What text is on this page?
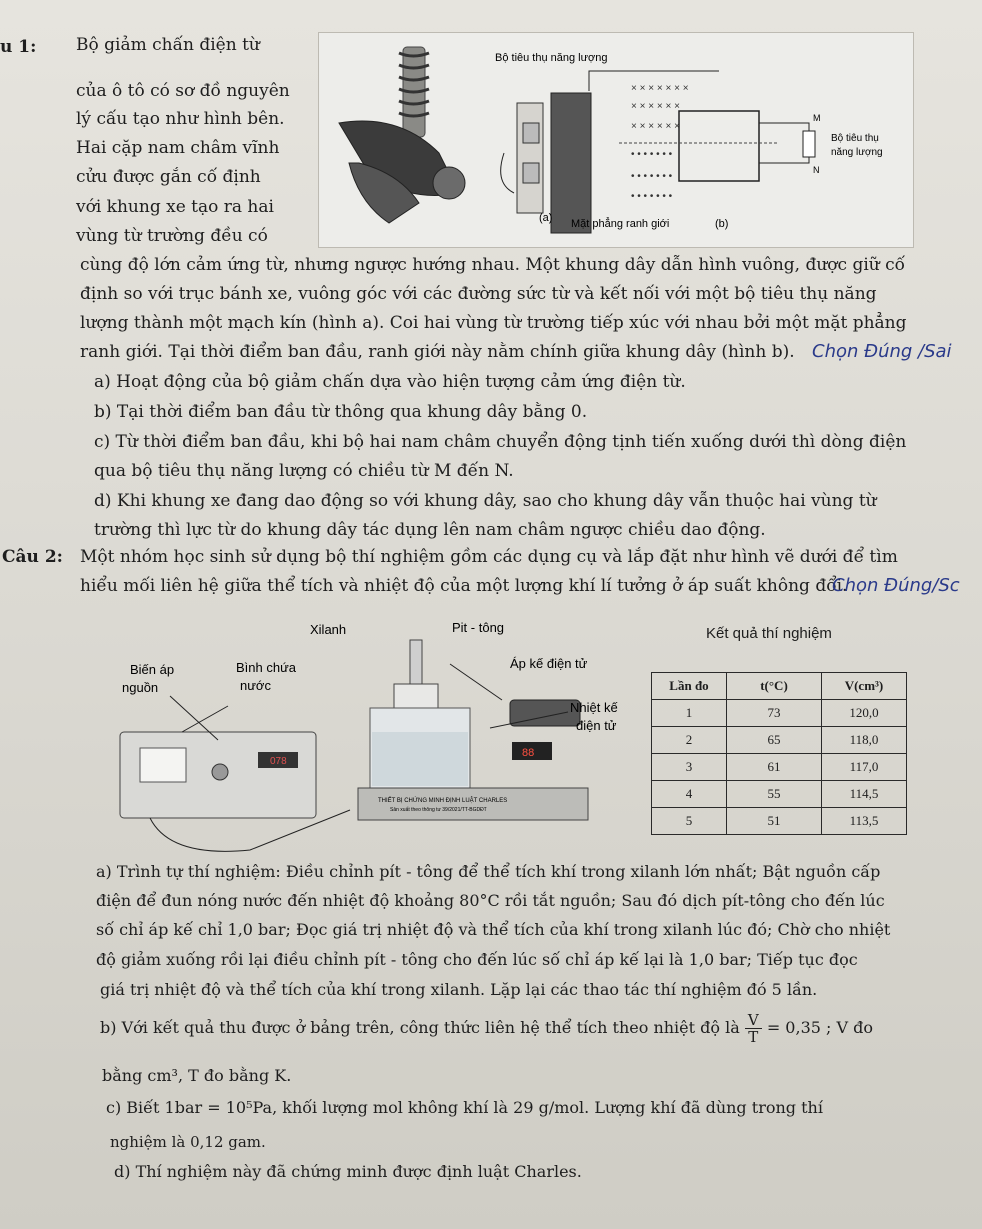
u 1: Bộ giảm chấn điện từ
của ô tô có sơ đồ nguyên
lý cấu tạo như hình bên.
Hai cặp nam châm vĩnh
cửu được gắn cố định
với khung xe tạo ra hai
vùng từ trường đều có
× × × × × × ×
× × × × × ×
× × × × × ×
• • • • • • •
• • • • • • •
• • • • • • •
Bộ tiêu thụ năng lượng
M
N
Bộ tiêu thụ
năng lượng
(a) Mặt phẳng ranh giới	(b)
cùng độ lớn cảm ứng từ, nhưng ngược hướng nhau. Một khung dây dẫn hình vuông, được giữ cố
định so với trục bánh xe, vuông góc với các đường sức từ và kết nối với một bộ tiêu thụ năng
lượng thành một mạch kín (hình a). Coi hai vùng từ trường tiếp xúc với nhau bởi một mặt phẳng
ranh giới. Tại thời điểm ban đầu, ranh giới này nằm chính giữa khung dây (hình b). Chọn Đúng /Sai
a) Hoạt động của bộ giảm chấn dựa vào hiện tượng cảm ứng điện từ.
b) Tại thời điểm ban đầu từ thông qua khung dây bằng 0.
c) Từ thời điểm ban đầu, khi bộ hai nam châm chuyển động tịnh tiến xuống dưới thì dòng điện
qua bộ tiêu thụ năng lượng có chiều từ M đến N.
d) Khi khung xe đang dao động so với khung dây, sao cho khung dây vẫn thuộc hai vùng từ
trường thì lực từ do khung dây tác dụng lên nam châm ngược chiều dao động.
Câu 2: Một nhóm học sinh sử dụng bộ thí nghiệm gồm các dụng cụ và lắp đặt như hình vẽ dưới để tìm
hiểu mối liên hệ giữa thể tích và nhiệt độ của một lượng khí lí tưởng ở áp suất không đổi.
Chọn Đúng/Sc
Xilanh	Pit - tông
Biến áp
nguồn
Bình chứa
nước
Áp kế điện tử
Nhiệt kế
điện tử
078
88
THIẾT BỊ CHỨNG MINH ĐỊNH LUẬT CHARLES
Sản xuất theo thông tư 39/2021/TT-BGDĐT
Kết quả thí nghiệm
Lần đo	t(°C)	V(cm³)
1	73	120,0
2	65	118,0
3	61	117,0
4	55	114,5
5	51	113,5
a) Trình tự thí nghiệm: Điều chỉnh pít - tông để thể tích khí trong xilanh lớn nhất; Bật nguồn cấp
điện để đun nóng nước đến nhiệt độ khoảng 80°C rồi tắt nguồn; Sau đó dịch pít-tông cho đến lúc
số chỉ áp kế chỉ 1,0 bar; Đọc giá trị nhiệt độ và thể tích của khí trong xilanh lúc đó; Chờ cho nhiệt
độ giảm xuống rồi lại điều chỉnh pít - tông cho đến lúc số chỉ áp kế lại là 1,0 bar; Tiếp tục đọc
giá trị nhiệt độ và thể tích của khí trong xilanh. Lặp lại các thao tác thí nghiệm đó 5 lần.
b) Với kết quả thu được ở bảng trên, công thức liên hệ thể tích theo nhiệt độ là $\frac{V}{T} = 0,35$ ; V đo
bằng cm³, T đo bằng K.
c) Biết 1bar = 10⁵Pa, khối lượng mol không khí là 29 g/mol. Lượng khí đã dùng trong thí
nghiệm là 0,12 gam.
d) Thí nghiệm này đã chứng minh được định luật Charles.
